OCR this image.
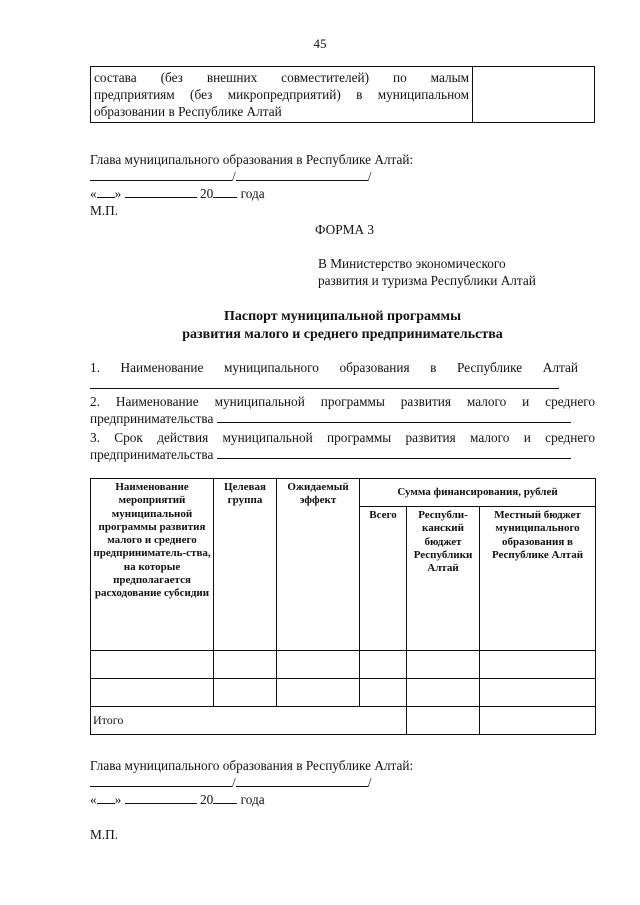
45
состава (без внешних совместителей) по малым
предприятиям (без микропредприятий) в муниципальном
образовании в Республике Алтай

Глава муниципального образования в Республике Алтай:
/	/
« »	20 года
М.П.
ФОРМА 3
В Министерство экономического
развития и туризма Республики Алтай
Паспорт муниципальной программы
развития малого и среднего предпринимательства
1. Наименование муниципального образования в Республике Алтай
2. Наименование муниципальной программы развития малого и среднего
предпринимательства
3. Срок действия муниципальной программы развития малого и среднего
предпринимательства
Наименование мероприятий муниципальной программы развития малого и среднего предприниматель-ства, на которые предполагается расходование субсидии	Целевая группа	Ожидаемый эффект	Сумма финансирования, рублей		
			Всего	Республи-канский бюджет Республики Алтай	Местный бюджет муниципального образования в Республике Алтай

Итого					
Глава муниципального образования в Республике Алтай:
/	/
« »	20 года
М.П.
